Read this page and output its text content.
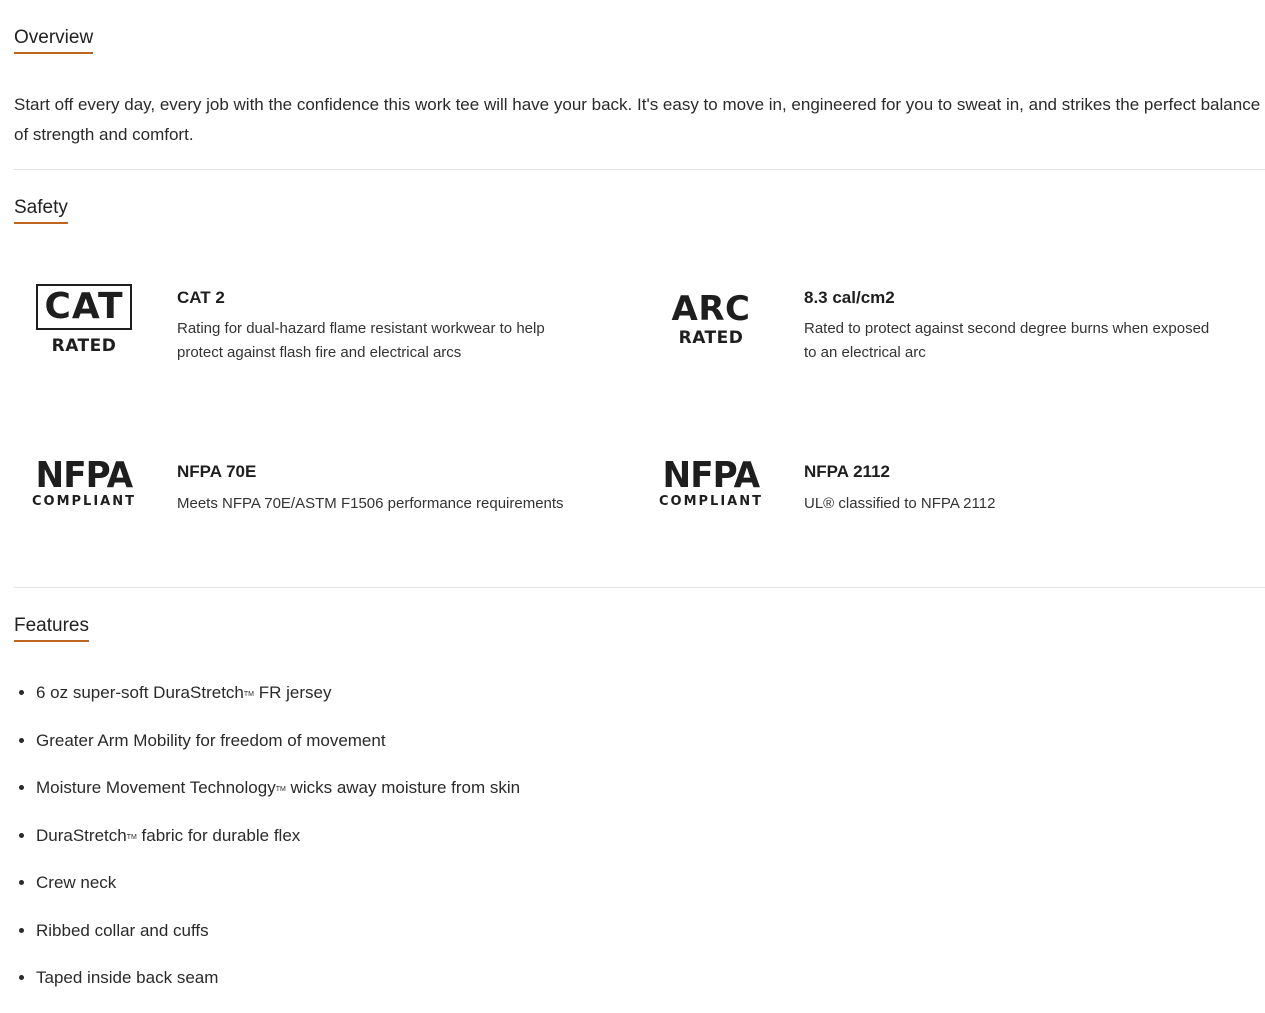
Overview

Start off every day, every job with the confidence this work tee will have your back. It's easy to move in, engineered for you to sweat in, and strikes the perfect balance of strength and comfort.

Safety
CAT
RATED
CAT 2
Rating for dual-hazard flame resistant workwear to help protect against flash fire and electrical arcs
ARC
RATED
8.3 cal/cm2
Rated to protect against second degree burns when exposed to an electrical arc
NFPA
COMPLIANT
NFPA 70E
Meets NFPA 70E/ASTM F1506 performance requirements
NFPA
COMPLIANT
NFPA 2112
UL® classified to NFPA 2112
Features
• 6 oz super-soft DuraStretch™ FR jersey
• Greater Arm Mobility for freedom of movement
• Moisture Movement Technology™ wicks away moisture from skin
• DuraStretch™ fabric for durable flex
• Crew neck
• Ribbed collar and cuffs
• Taped inside back seam
